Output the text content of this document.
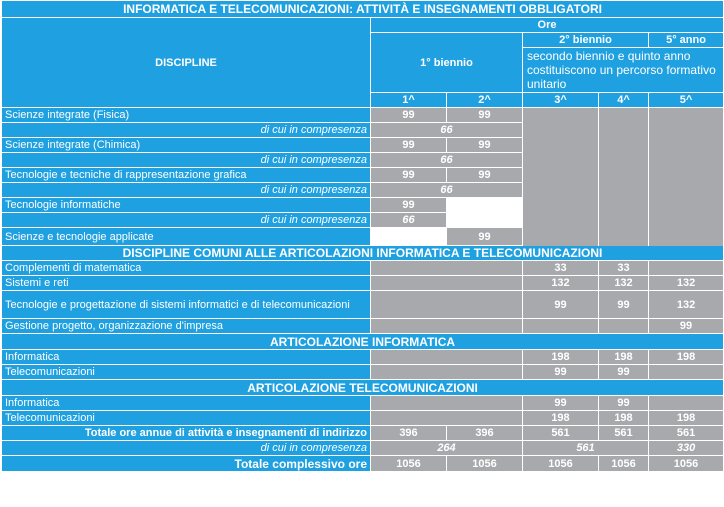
INFORMATICA E TELECOMUNICAZIONI: ATTIVITÀ E INSEGNAMENTI OBBLIGATORI					
DISCIPLINE	Ore				
	1° biennio		2° biennio		5° anno
			secondo biennio e quinto anno costituiscono un percorso formativo unitario		
	1^	2^	3^	4^	5^
Scienze integrate (Fisica)	99	99			
di cui in compresenza	66				
Scienze integrate (Chimica)	99	99			
di cui in compresenza	66				
Tecnologie e tecniche di rappresentazione grafica	99	99			
di cui in compresenza	66				
Tecnologie informatiche	99				
di cui in compresenza	66				
Scienze e tecnologie applicate		99			
DISCIPLINE COMUNI ALLE ARTICOLAZIONI INFORMATICA E TELECOMUNICAZIONI					
Complementi di matematica			33	33	
Sistemi e reti			132	132	132
Tecnologie e progettazione di sistemi informatici e di telecomunicazioni			99	99	132
Gestione progetto, organizzazione d'impresa					99
ARTICOLAZIONE INFORMATICA					
Informatica			198	198	198
Telecomunicazioni			99	99	
ARTICOLAZIONE TELECOMUNICAZIONI					
Informatica			99	99	
Telecomunicazioni			198	198	198
Totale ore annue di attività e insegnamenti di indirizzo	396	396	561	561	561
di cui in compresenza	264		561		330
Totale complessivo ore	1056	1056	1056	1056	1056
